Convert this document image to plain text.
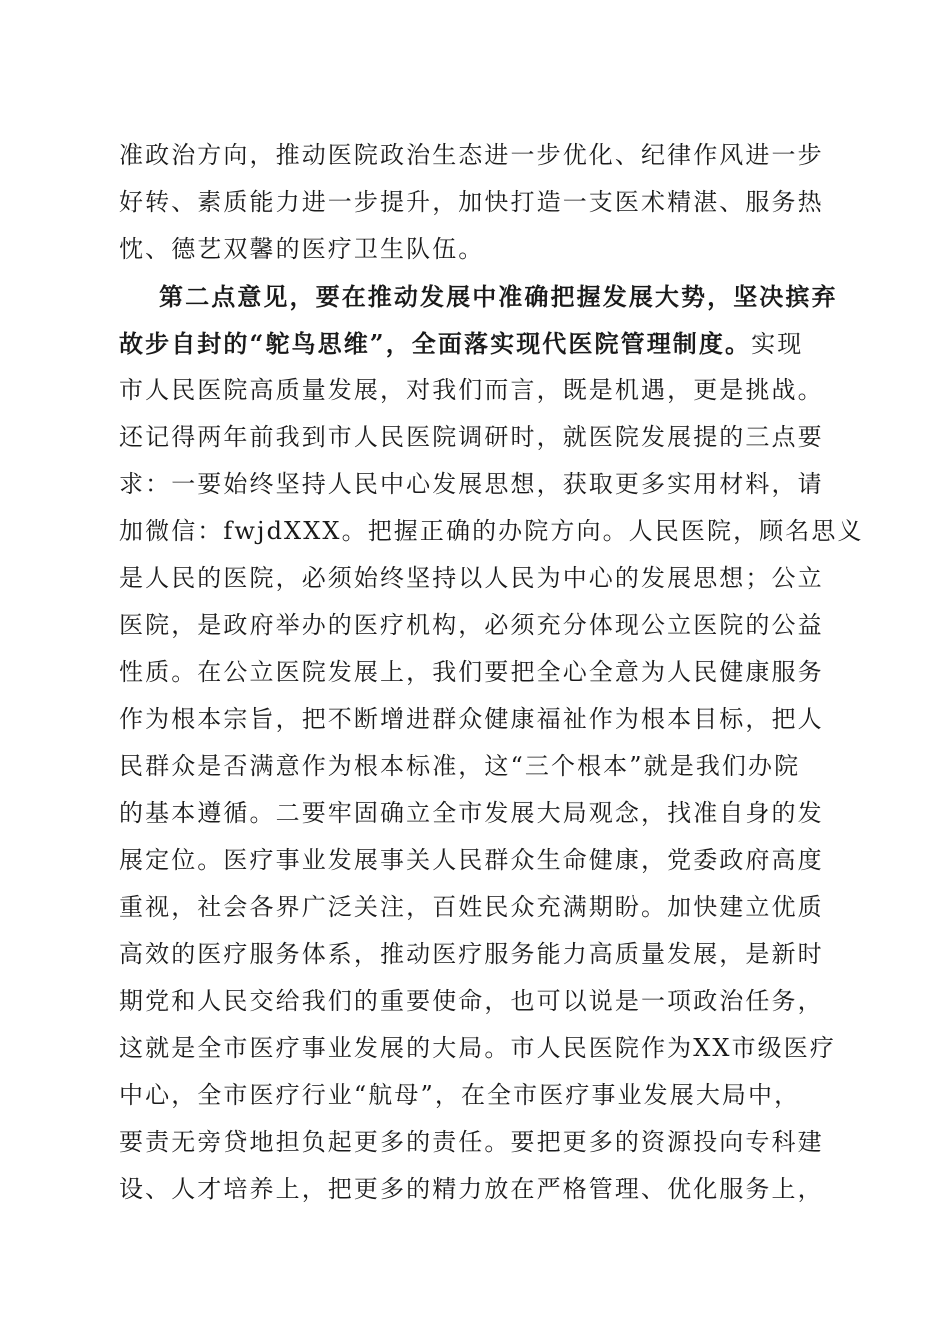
准政治方向，推动医院政治生态进一步优化、纪律作风进一步
好转、素质能力进一步提升，加快打造一支医术精湛、服务热
忱、德艺双馨的医疗卫生队伍。
第二点意见，要在推动发展中准确把握发展大势，坚决摈弃
故步自封的“鸵鸟思维”，全面落实现代医院管理制度。实现
市人民医院高质量发展，对我们而言，既是机遇，更是挑战。
还记得两年前我到市人民医院调研时，就医院发展提的三点要
求：一要始终坚持人民中心发展思想，获取更多实用材料，请
加微信：fwjdXXX。把握正确的办院方向。人民医院，顾名思义
是人民的医院，必须始终坚持以人民为中心的发展思想；公立
医院，是政府举办的医疗机构，必须充分体现公立医院的公益
性质。在公立医院发展上，我们要把全心全意为人民健康服务
作为根本宗旨，把不断增进群众健康福祉作为根本目标，把人
民群众是否满意作为根本标准，这“三个根本”就是我们办院
的基本遵循。二要牢固确立全市发展大局观念，找准自身的发
展定位。医疗事业发展事关人民群众生命健康，党委政府高度
重视，社会各界广泛关注，百姓民众充满期盼。加快建立优质
高效的医疗服务体系，推动医疗服务能力高质量发展，是新时
期党和人民交给我们的重要使命，也可以说是一项政治任务，
这就是全市医疗事业发展的大局。市人民医院作为XX市级医疗
中心，全市医疗行业“航母”，在全市医疗事业发展大局中，
要责无旁贷地担负起更多的责任。要把更多的资源投向专科建
设、人才培养上，把更多的精力放在严格管理、优化服务上，
